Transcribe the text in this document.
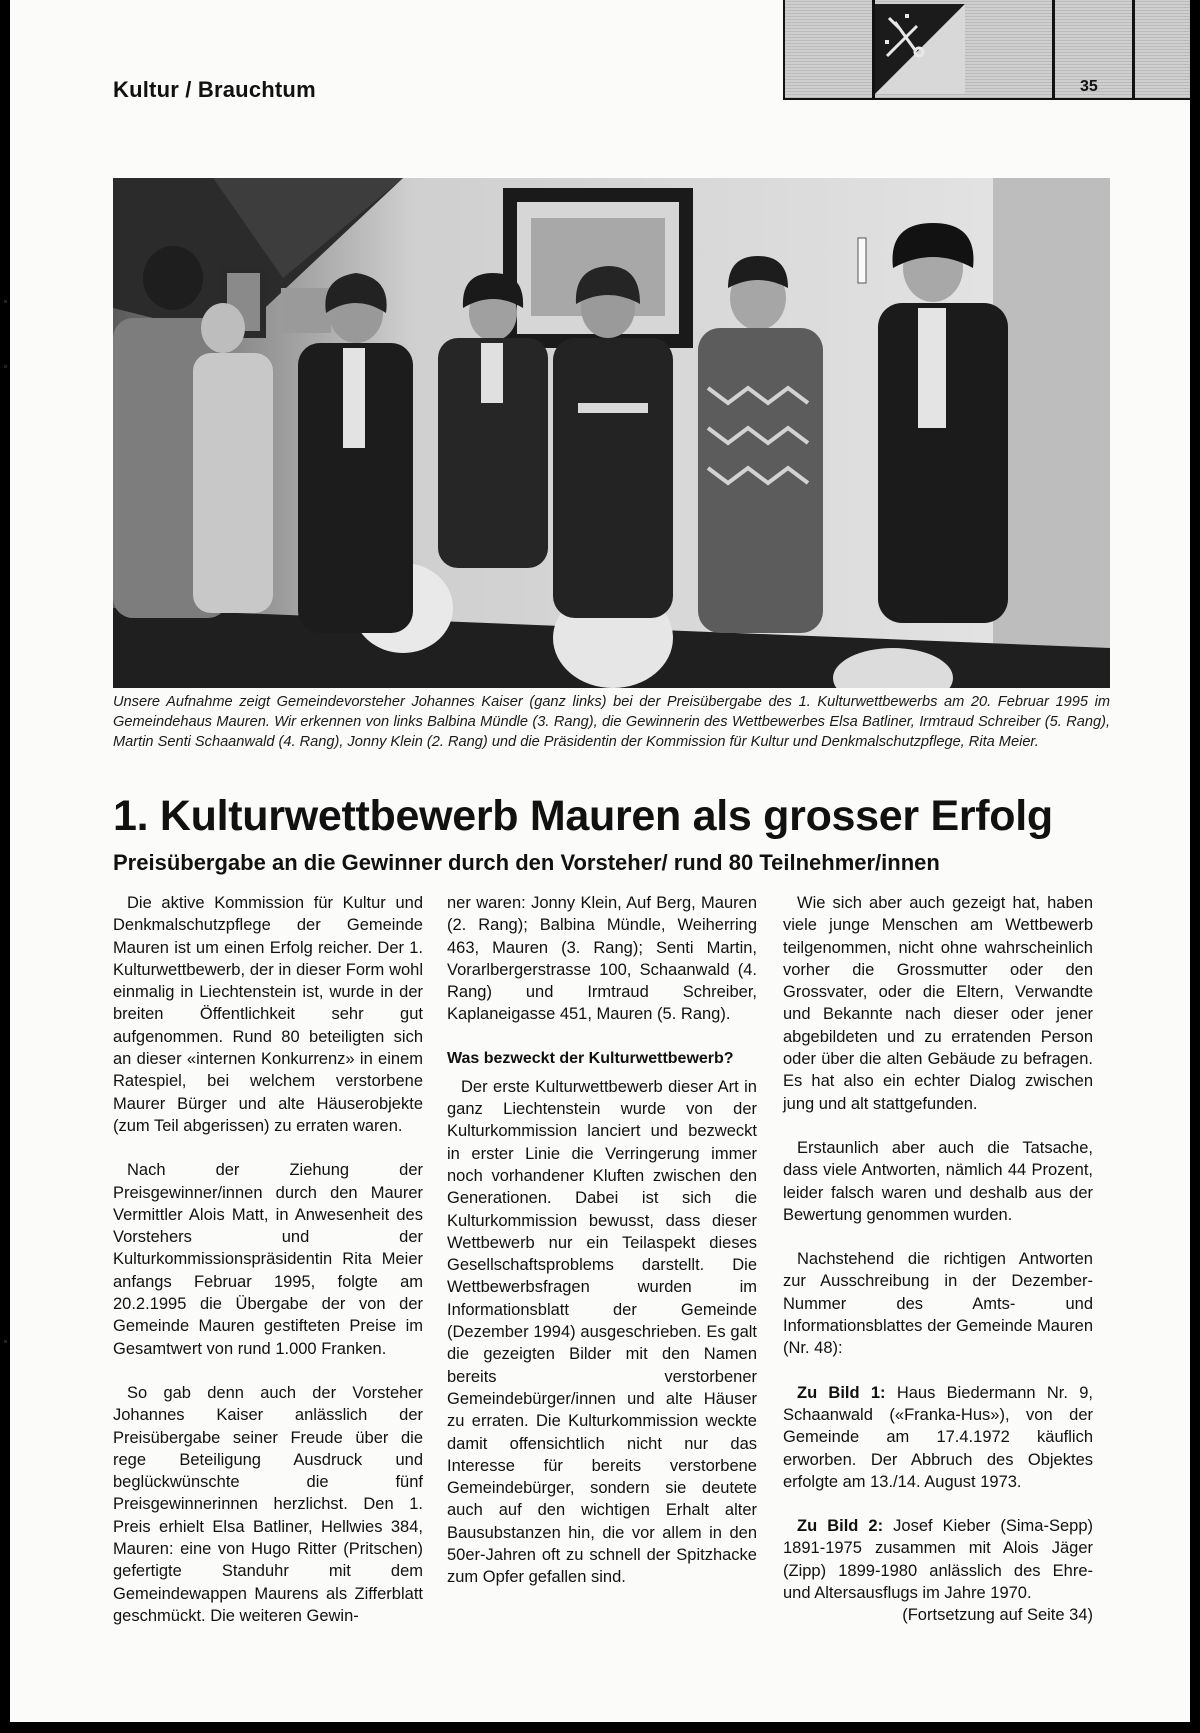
Kultur / Brauchtum	35
Unsere Aufnahme zeigt Gemeindevorsteher Johannes Kaiser (ganz links) bei der Preisübergabe des 1. Kulturwettbewerbs am 20. Februar 1995 im Gemeindehaus Mauren. Wir erkennen von links Balbina Mündle (3. Rang), die Gewinnerin des Wettbewerbes Elsa Batliner, Irmtraud Schreiber (5. Rang), Martin Senti Schaanwald (4. Rang), Jonny Klein (2. Rang) und die Präsidentin der Kommission für Kultur und Denkmalschutzpflege, Rita Meier.
1. Kulturwettbewerb Mauren als grosser Erfolg
Preisübergabe an die Gewinner durch den Vorsteher/ rund 80 Teilnehmer/innen

Die aktive Kommission für Kultur und Denkmalschutzpflege der Gemeinde Mauren ist um einen Erfolg reicher. Der 1. Kulturwettbewerb, der in dieser Form wohl einmalig in Liechtenstein ist, wurde in der breiten Öffentlichkeit sehr gut aufgenommen. Rund 80 beteiligten sich an dieser «internen Konkurrenz» in einem Ratespiel, bei welchem verstorbene Maurer Bürger und alte Häuserobjekte (zum Teil abgerissen) zu erraten waren.

Nach der Ziehung der Preisgewinner/innen durch den Maurer Vermittler Alois Matt, in Anwesenheit des Vorstehers und der Kulturkommissionspräsidentin Rita Meier anfangs Februar 1995, folgte am 20.2.1995 die Übergabe der von der Gemeinde Mauren gestifteten Preise im Gesamtwert von rund 1.000 Franken.

So gab denn auch der Vorsteher Johannes Kaiser anlässlich der Preisübergabe seiner Freude über die rege Beteiligung Ausdruck und beglückwünschte die fünf Preisgewinnerinnen herzlichst. Den 1. Preis erhielt Elsa Batliner, Hellwies 384, Mauren: eine von Hugo Ritter (Pritschen) gefertigte Standuhr mit dem Gemeindewappen Maurens als Zifferblatt geschmückt. Die weiteren Gewin-

ner waren: Jonny Klein, Auf Berg, Mauren (2. Rang); Balbina Mündle, Weiherring 463, Mauren (3. Rang); Senti Martin, Vorarlbergerstrasse 100, Schaanwald (4. Rang) und Irmtraud Schreiber, Kaplaneigasse 451, Mauren (5. Rang).

Was bezweckt der Kulturwettbewerb?

Der erste Kulturwettbewerb dieser Art in ganz Liechtenstein wurde von der Kulturkommission lanciert und bezweckt in erster Linie die Verringerung immer noch vorhandener Kluften zwischen den Generationen. Dabei ist sich die Kulturkommission bewusst, dass dieser Wettbewerb nur ein Teilaspekt dieses Gesellschaftsproblems darstellt. Die Wettbewerbsfragen wurden im Informationsblatt der Gemeinde (Dezember 1994) ausgeschrieben. Es galt die gezeigten Bilder mit den Namen bereits verstorbener Gemeindebürger/innen und alte Häuser zu erraten. Die Kulturkommission weckte damit offensichtlich nicht nur das Interesse für bereits verstorbene Gemeindebürger, sondern sie deutete auch auf den wichtigen Erhalt alter Bausubstanzen hin, die vor allem in den 50er-Jahren oft zu schnell der Spitzhacke zum Opfer gefallen sind.

Wie sich aber auch gezeigt hat, haben viele junge Menschen am Wettbewerb teilgenommen, nicht ohne wahrscheinlich vorher die Grossmutter oder den Grossvater, oder die Eltern, Verwandte und Bekannte nach dieser oder jener abgebildeten und zu erratenden Person oder über die alten Gebäude zu befragen. Es hat also ein echter Dialog zwischen jung und alt stattgefunden.

Erstaunlich aber auch die Tatsache, dass viele Antworten, nämlich 44 Prozent, leider falsch waren und deshalb aus der Bewertung genommen wurden.

Nachstehend die richtigen Antworten zur Ausschreibung in der Dezember-Nummer des Amts- und Informationsblattes der Gemeinde Mauren (Nr. 48):

Zu Bild 1: Haus Biedermann Nr. 9, Schaanwald («Franka-Hus»), von der Gemeinde am 17.4.1972 käuflich erworben. Der Abbruch des Objektes erfolgte am 13./14. August 1973.

Zu Bild 2: Josef Kieber (Sima-Sepp) 1891-1975 zusammen mit Alois Jäger (Zipp) 1899-1980 anlässlich des Ehre- und Altersausflugs im Jahre 1970.

(Fortsetzung auf Seite 34)
